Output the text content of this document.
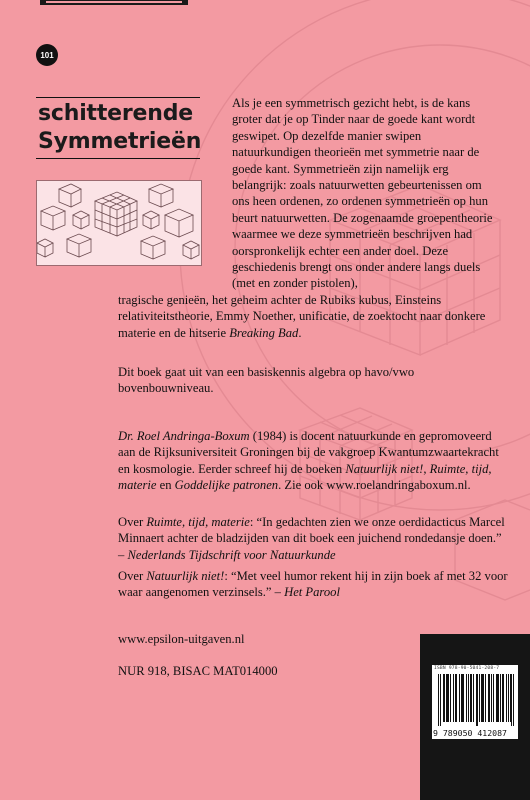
101
schitterende
Symmetrieën

Als je een symmetrisch gezicht hebt, is de kans groter dat je op Tinder naar de goede kant wordt geswipet. Op dezelfde manier swipen natuurkundigen theorieën met symmetrie naar de goede kant. Symmetrieën zijn namelijk erg belangrijk: zoals natuurwetten gebeurtenissen om ons heen ordenen, zo ordenen symmetrieën op hun beurt natuurwetten. De zogenaamde groepentheorie waarmee we deze symmetrieën beschrijven had oorspronkelijk echter een ander doel. Deze geschiedenis brengt ons onder andere langs duels (met en zonder pistolen),

tragische genieën, het geheim achter de Rubiks kubus, Einsteins relativiteitstheorie, Emmy Noether, unificatie, de zoektocht naar donkere materie en de hitserie Breaking Bad.

Dit boek gaat uit van een basiskennis algebra op havo/vwo bovenbouwniveau.

Dr. Roel Andringa-Boxum (1984) is docent natuurkunde en gepromoveerd aan de Rijksuniversiteit Groningen bij de vakgroep Kwantumzwaartekracht en kosmologie. Eerder schreef hij de boeken Natuurlijk niet!, Ruimte, tijd, materie en Goddelijke patronen. Zie ook www.roelandringaboxum.nl.

Over Ruimte, tijd, materie: “In gedachten zien we onze oerdidacticus Marcel Minnaert achter de bladzijden van dit boek een juichend rondedansje doen.” – Nederlands Tijdschrift voor Natuurkunde

Over Natuurlijk niet!: “Met veel humor rekent hij in zijn boek af met 32 voor waar aangenomen verzinsels.” – Het Parool

www.epsilon-uitgaven.nl
NUR 918, BISAC MAT014000	ISBN 978-90-5041-208-7
9 789050 412087
